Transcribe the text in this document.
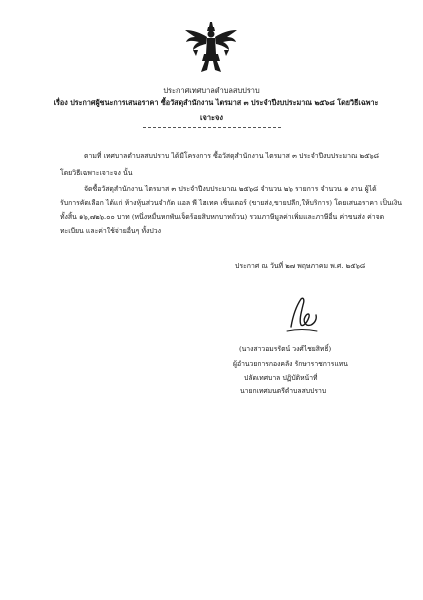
ประกาศเทศบาลตำบลสบปราบ
เรื่อง ประกาศผู้ชนะการเสนอราคา ซื้อวัสดุสำนักงาน ไตรมาส ๓ ประจำปีงบประมาณ ๒๕๖๘ โดยวิธีเฉพาะ
เจาะจง
ตามที่ เทศบาลตำบลสบปราบ ได้มีโครงการ ซื้อวัสดุสำนักงาน ไตรมาส ๓ ประจำปีงบประมาณ ๒๕๖๘
โดยวิธีเฉพาะเจาะจง นั้น
จัดซื้อวัสดุสำนักงาน ไตรมาส ๓ ประจำปีงบประมาณ ๒๕๖๘ จำนวน ๒๖ รายการ จำนวน ๑ งาน ผู้ได้
รับการคัดเลือก ได้แก่ ห้างหุ้นส่วนจำกัด แอล พี ไฮเทค เซ็นเตอร์ (ขายส่ง,ขายปลีก,ให้บริการ) โดยเสนอราคา เป็นเงิน
ทั้งสิ้น ๑๖,๗๒๖.๐๐ บาท (หนึ่งหมื่นหกพันเจ็ดร้อยสิบหกบาทถ้วน) รวมภาษีมูลค่าเพิ่มและภาษีอื่น ค่าขนส่ง ค่าจด
ทะเบียน และค่าใช้จ่ายอื่นๆ ทั้งปวง
ประกาศ ณ วันที่ ๒๗ พฤษภาคม พ.ศ. ๒๕๖๘
(นางสาวอมรรัตน์ วงศ์ไชยสิทธิ์)
ผู้อำนวยการกองคลัง รักษาราชการแทน
ปลัดเทศบาล ปฏิบัติหน้าที่
นายกเทศมนตรีตำบลสบปราบ
